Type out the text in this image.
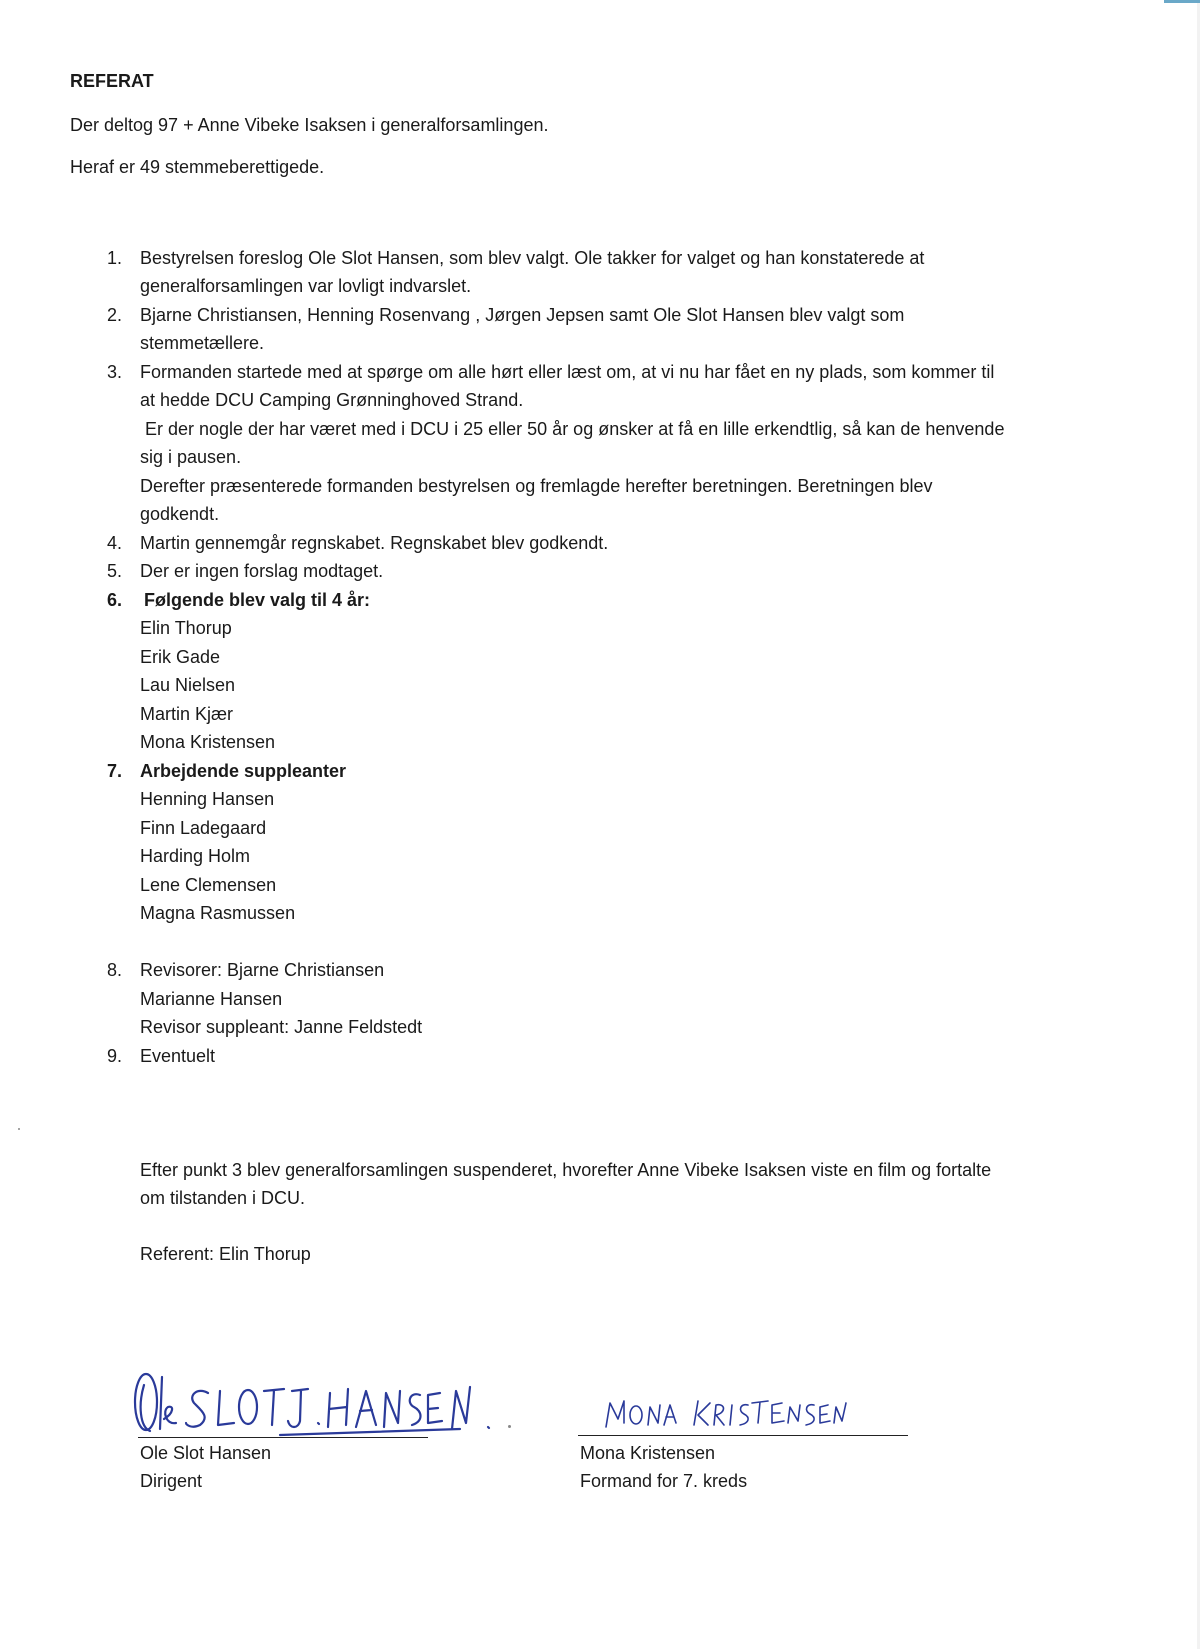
REFERAT
Der deltog 97 + Anne Vibeke Isaksen i generalforsamlingen.
Heraf er 49 stemmeberettigede.
1. Bestyrelsen foreslog Ole Slot Hansen, som blev valgt. Ole takker for valget og han konstaterede at
generalforsamlingen var lovligt indvarslet.
2. Bjarne Christiansen, Henning Rosenvang , Jørgen Jepsen samt Ole Slot Hansen blev valgt som
stemmetællere.
3. Formanden startede med at spørge om alle hørt eller læst om, at vi nu har fået en ny plads, som kommer til
at hedde DCU Camping Grønninghoved Strand.
Er der nogle der har været med i DCU i 25 eller 50 år og ønsker at få en lille erkendtlig, så kan de henvende
sig i pausen.
Derefter præsenterede formanden bestyrelsen og fremlagde herefter beretningen. Beretningen blev
godkendt.
4. Martin gennemgår regnskabet. Regnskabet blev godkendt.
5. Der er ingen forslag modtaget.
6. Følgende blev valg til 4 år:
Elin Thorup
Erik Gade
Lau Nielsen
Martin Kjær
Mona Kristensen
7. Arbejdende suppleanter
Henning Hansen
Finn Ladegaard
Harding Holm
Lene Clemensen
Magna Rasmussen
8. Revisorer: Bjarne Christiansen
Marianne Hansen
Revisor suppleant: Janne Feldstedt
9. Eventuelt
Efter punkt 3 blev generalforsamlingen suspenderet, hvorefter Anne Vibeke Isaksen viste en film og fortalte
om tilstanden i DCU.
Referent: Elin Thorup
Ole Slot Hansen
Dirigent
Mona Kristensen
Formand for 7. kreds
